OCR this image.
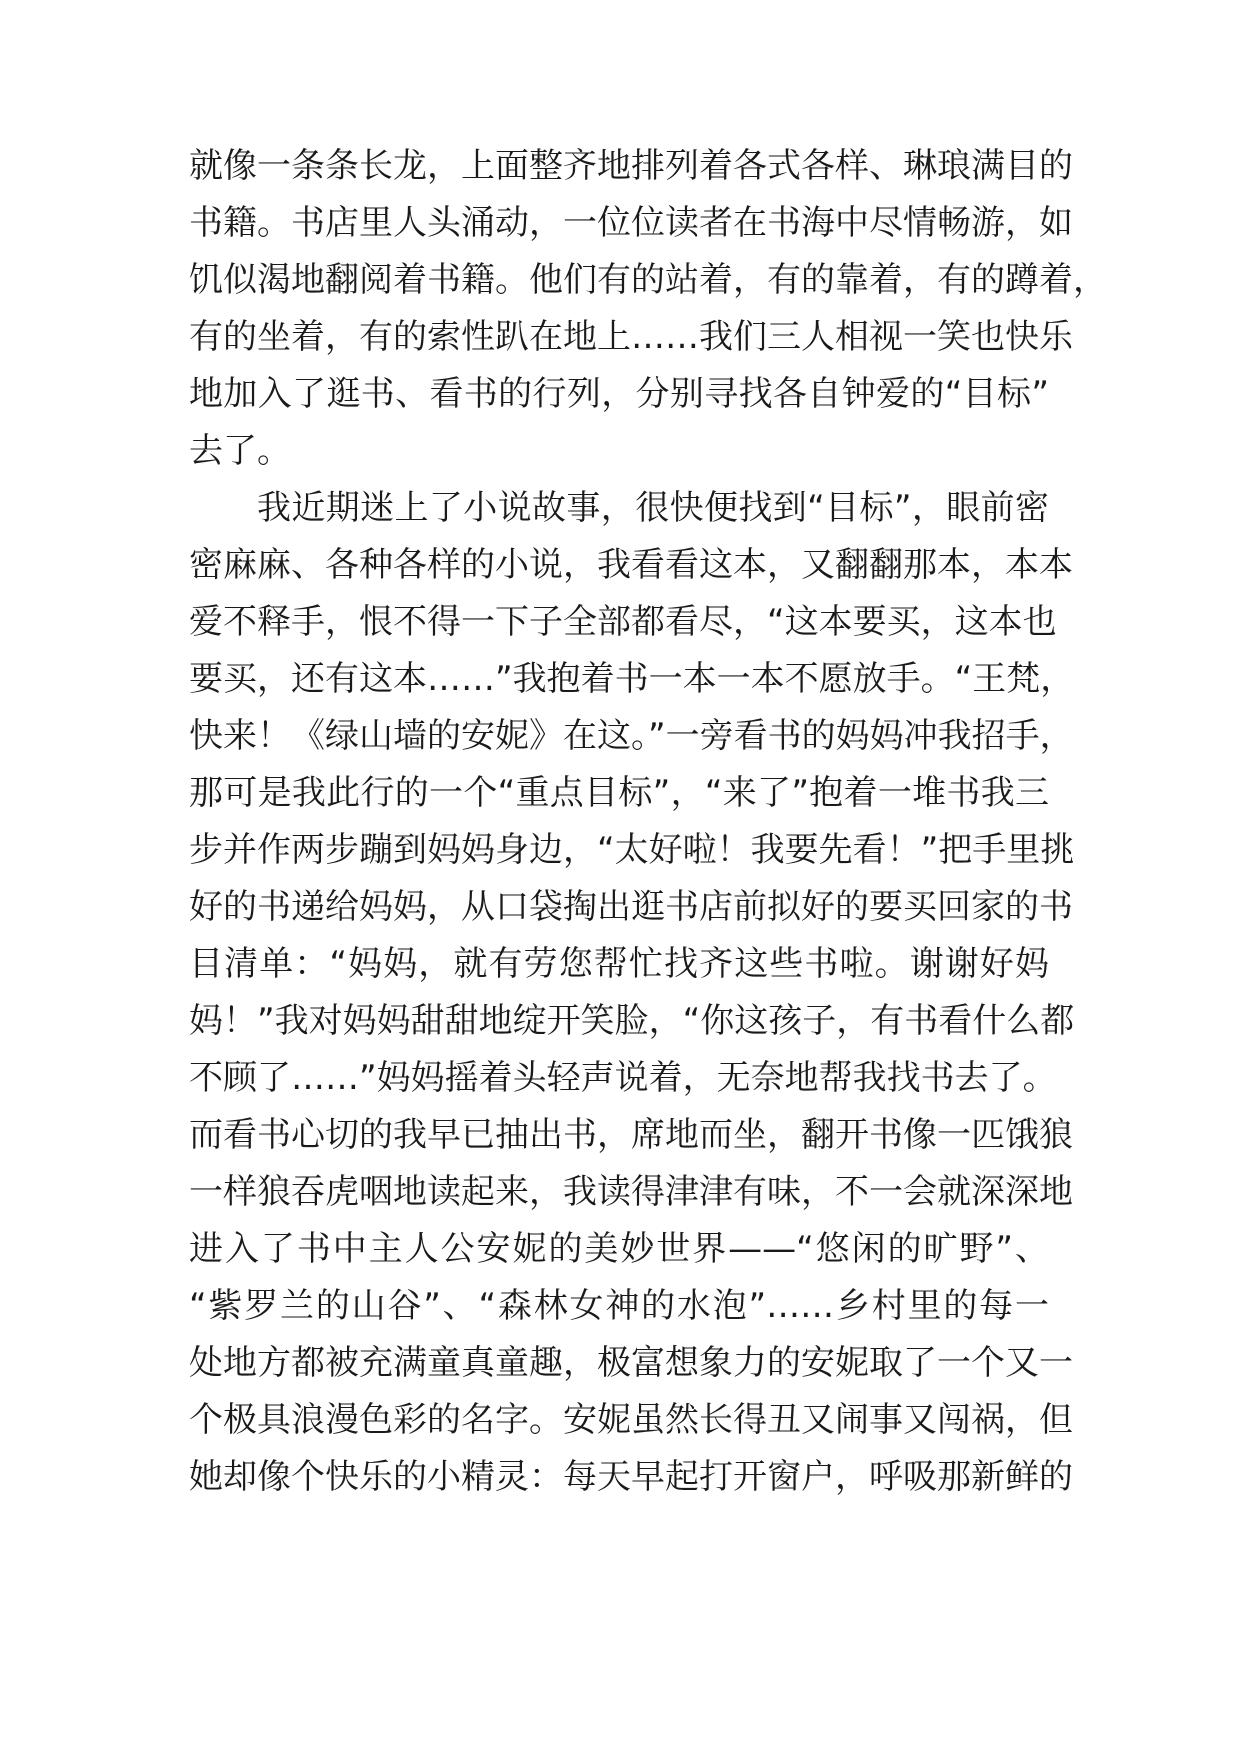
就像一条条长龙，上面整齐地排列着各式各样、琳琅满目的
书籍。书店里人头涌动，一位位读者在书海中尽情畅游，如
饥似渴地翻阅着书籍。他们有的站着，有的靠着，有的蹲着，
有的坐着，有的索性趴在地上……我们三人相视一笑也快乐
地加入了逛书、看书的行列，分别寻找各自钟爱的“目标”
去了。
我近期迷上了小说故事，很快便找到“目标”，眼前密
密麻麻、各种各样的小说，我看看这本，又翻翻那本，本本
爱不释手，恨不得一下子全部都看尽，“这本要买，这本也
要买，还有这本……”我抱着书一本一本不愿放手。“王梵，
快来！《绿山墙的安妮》在这。”一旁看书的妈妈冲我招手，
那可是我此行的一个“重点目标”，“来了”抱着一堆书我三
步并作两步蹦到妈妈身边，“太好啦！我要先看！”把手里挑
好的书递给妈妈，从口袋掏出逛书店前拟好的要买回家的书
目清单：“妈妈，就有劳您帮忙找齐这些书啦。谢谢好妈
妈！”我对妈妈甜甜地绽开笑脸，“你这孩子，有书看什么都
不顾了……”妈妈摇着头轻声说着，无奈地帮我找书去了。
而看书心切的我早已抽出书，席地而坐，翻开书像一匹饿狼
一样狼吞虎咽地读起来，我读得津津有味，不一会就深深地
进入了书中主人公安妮的美妙世界——“悠闲的旷野”、
“紫罗兰的山谷”、“森林女神的水泡”……乡村里的每一
处地方都被充满童真童趣，极富想象力的安妮取了一个又一
个极具浪漫色彩的名字。安妮虽然长得丑又闹事又闯祸，但
她却像个快乐的小精灵：每天早起打开窗户，呼吸那新鲜的
